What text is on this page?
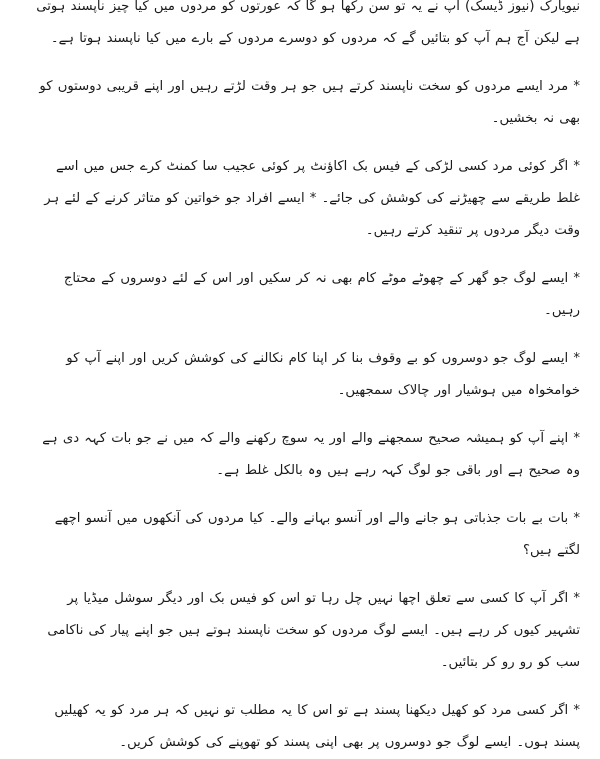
نیویارک (نیوز ڈیسک) آپ نے یہ تو سن رکھا ہو گا کہ عورتوں کو مردوں میں کیا چیز ناپسند ہوتی ہے لیکن آج ہم آپ کو بتائیں گے کہ مردوں کو دوسرے مردوں کے بارے میں کیا ناپسند ہوتا ہے۔

* مرد ایسے مردوں کو سخت ناپسند کرتے ہیں جو ہر وقت لڑتے رہیں اور اپنے قریبی دوستوں کو بھی نہ بخشیں۔

* اگر کوئی مرد کسی لڑکی کے فیس بک اکاؤنٹ پر کوئی عجیب سا کمنٹ کرے جس میں اسے غلط طریقے سے چھیڑنے کی کوشش کی جائے۔ * ایسے افراد جو خواتین کو متاثر کرنے کے لئے ہر وقت دیگر مردوں پر تنقید کرتے رہیں۔

* ایسے لوگ جو گھر کے چھوٹے موٹے کام بھی نہ کر سکیں اور اس کے لئے دوسروں کے محتاج رہیں۔

* ایسے لوگ جو دوسروں کو بے وقوف بنا کر اپنا کام نکالنے کی کوشش کریں اور اپنے آپ کو خوامخواہ میں ہوشیار اور چالاک سمجھیں۔

* اپنے آپ کو ہمیشہ صحیح سمجھنے والے اور یہ سوچ رکھنے والے کہ میں نے جو بات کہہ دی ہے وہ صحیح ہے اور باقی جو لوگ کہہ رہے ہیں وہ بالکل غلط ہے۔

* بات بے بات جذباتی ہو جانے والے اور آنسو بہانے والے۔ کیا مردوں کی آنکھوں میں آنسو اچھے لگتے ہیں؟

* اگر آپ کا کسی سے تعلق اچھا نہیں چل رہا تو اس کو فیس بک اور دیگر سوشل میڈیا پر تشہیر کیوں کر رہے ہیں۔ ایسے لوگ مردوں کو سخت ناپسند ہوتے ہیں جو اپنے پیار کی ناکامی سب کو رو رو کر بتائیں۔

* اگر کسی مرد کو کھیل دیکھنا پسند ہے تو اس کا یہ مطلب تو نہیں کہ ہر مرد کو یہ کھیلیں پسند ہوں۔ ایسے لوگ جو دوسروں پر بھی اپنی پسند کو تھوپنے کی کوشش کریں۔
